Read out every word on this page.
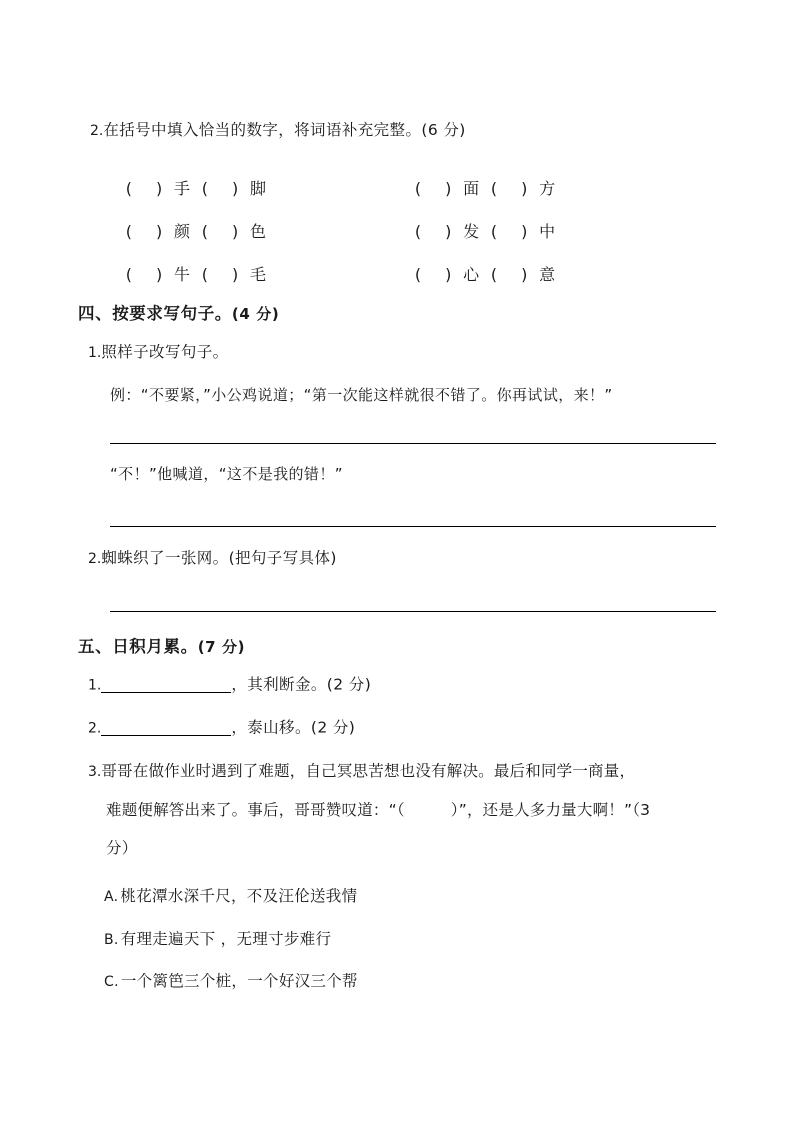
2.在括号中填入恰当的数字，将词语补充完整。(6 分)
( ) 手 ( ) 脚	( ) 面 ( ) 方
( ) 颜 ( ) 色	( ) 发 ( ) 中
( ) 牛 ( ) 毛	( ) 心 ( ) 意
四、按要求写句子。(4 分)
1.照样子改写句子。
例：“不要紧，”小公鸡说道；“第一次能这样就很不错了。你再试试，来！”
“不！”他喊道，“这不是我的错！”
2.蜘蛛织了一张网。(把句子写具体)
五、日积月累。(7 分)
1.	，其利断金。(2 分)
2.	，泰山移。(2 分)
3.哥哥在做作业时遇到了难题，自己冥思苦想也没有解决。最后和同学一商量，
难题便解答出来了。事后，哥哥赞叹道：“（	）”，还是人多力量大啊！”（3
分）
A. 桃花潭水深千尺，不及汪伦送我情
B. 有理走遍天下 ，无理寸步难行
C. 一个篱笆三个桩，一个好汉三个帮
